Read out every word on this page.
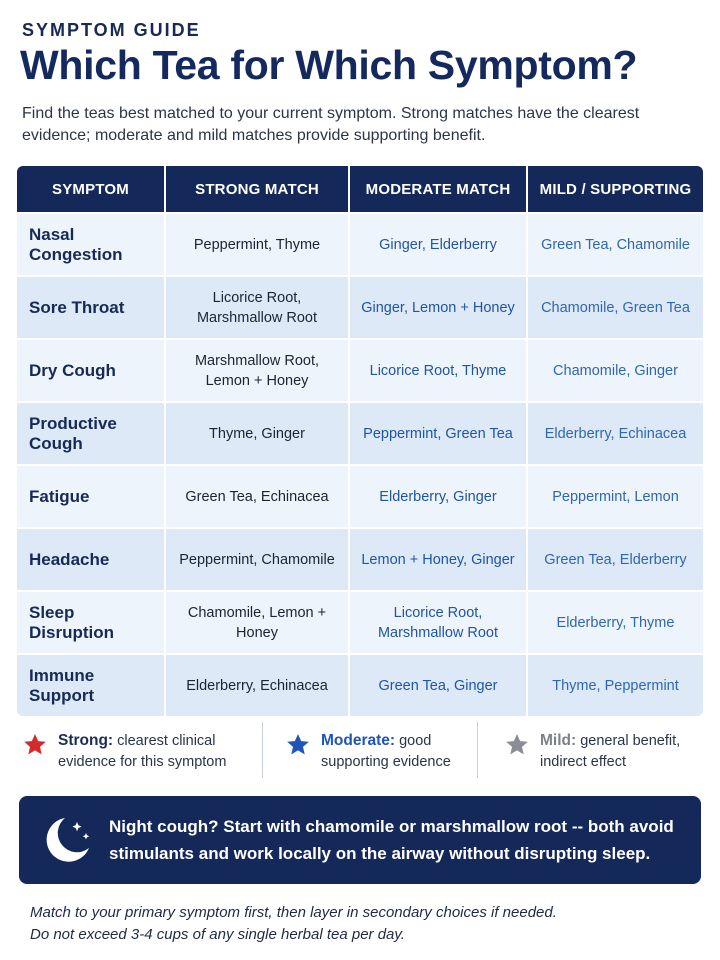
SYMPTOM GUIDE
Which Tea for Which Symptom?

Find the teas best matched to your current symptom. Strong matches have the clearest evidence; moderate and mild matches provide supporting benefit.

SYMPTOM	STRONG MATCH	MODERATE MATCH	MILD / SUPPORTING
Nasal Congestion	Peppermint, Thyme	Ginger, Elderberry	Green Tea, Chamomile
Sore Throat	Licorice Root, Marshmallow Root	Ginger, Lemon + Honey	Chamomile, Green Tea
Dry Cough	Marshmallow Root, Lemon + Honey	Licorice Root, Thyme	Chamomile, Ginger
Productive Cough	Thyme, Ginger	Peppermint, Green Tea	Elderberry, Echinacea
Fatigue	Green Tea, Echinacea	Elderberry, Ginger	Peppermint, Lemon
Headache	Peppermint, Chamomile	Lemon + Honey, Ginger	Green Tea, Elderberry
Sleep Disruption	Chamomile, Lemon + Honey	Licorice Root, Marshmallow Root	Elderberry, Thyme
Immune Support	Elderberry, Echinacea	Green Tea, Ginger	Thyme, Peppermint
Strong: clearest clinical evidence for this symptom
Moderate: good supporting evidence
Mild: general benefit, indirect effect
Night cough? Start with chamomile or marshmallow root -- both avoid stimulants and work locally on the airway without disrupting sleep.
Match to your primary symptom first, then layer in secondary choices if needed.
Do not exceed 3-4 cups of any single herbal tea per day.
